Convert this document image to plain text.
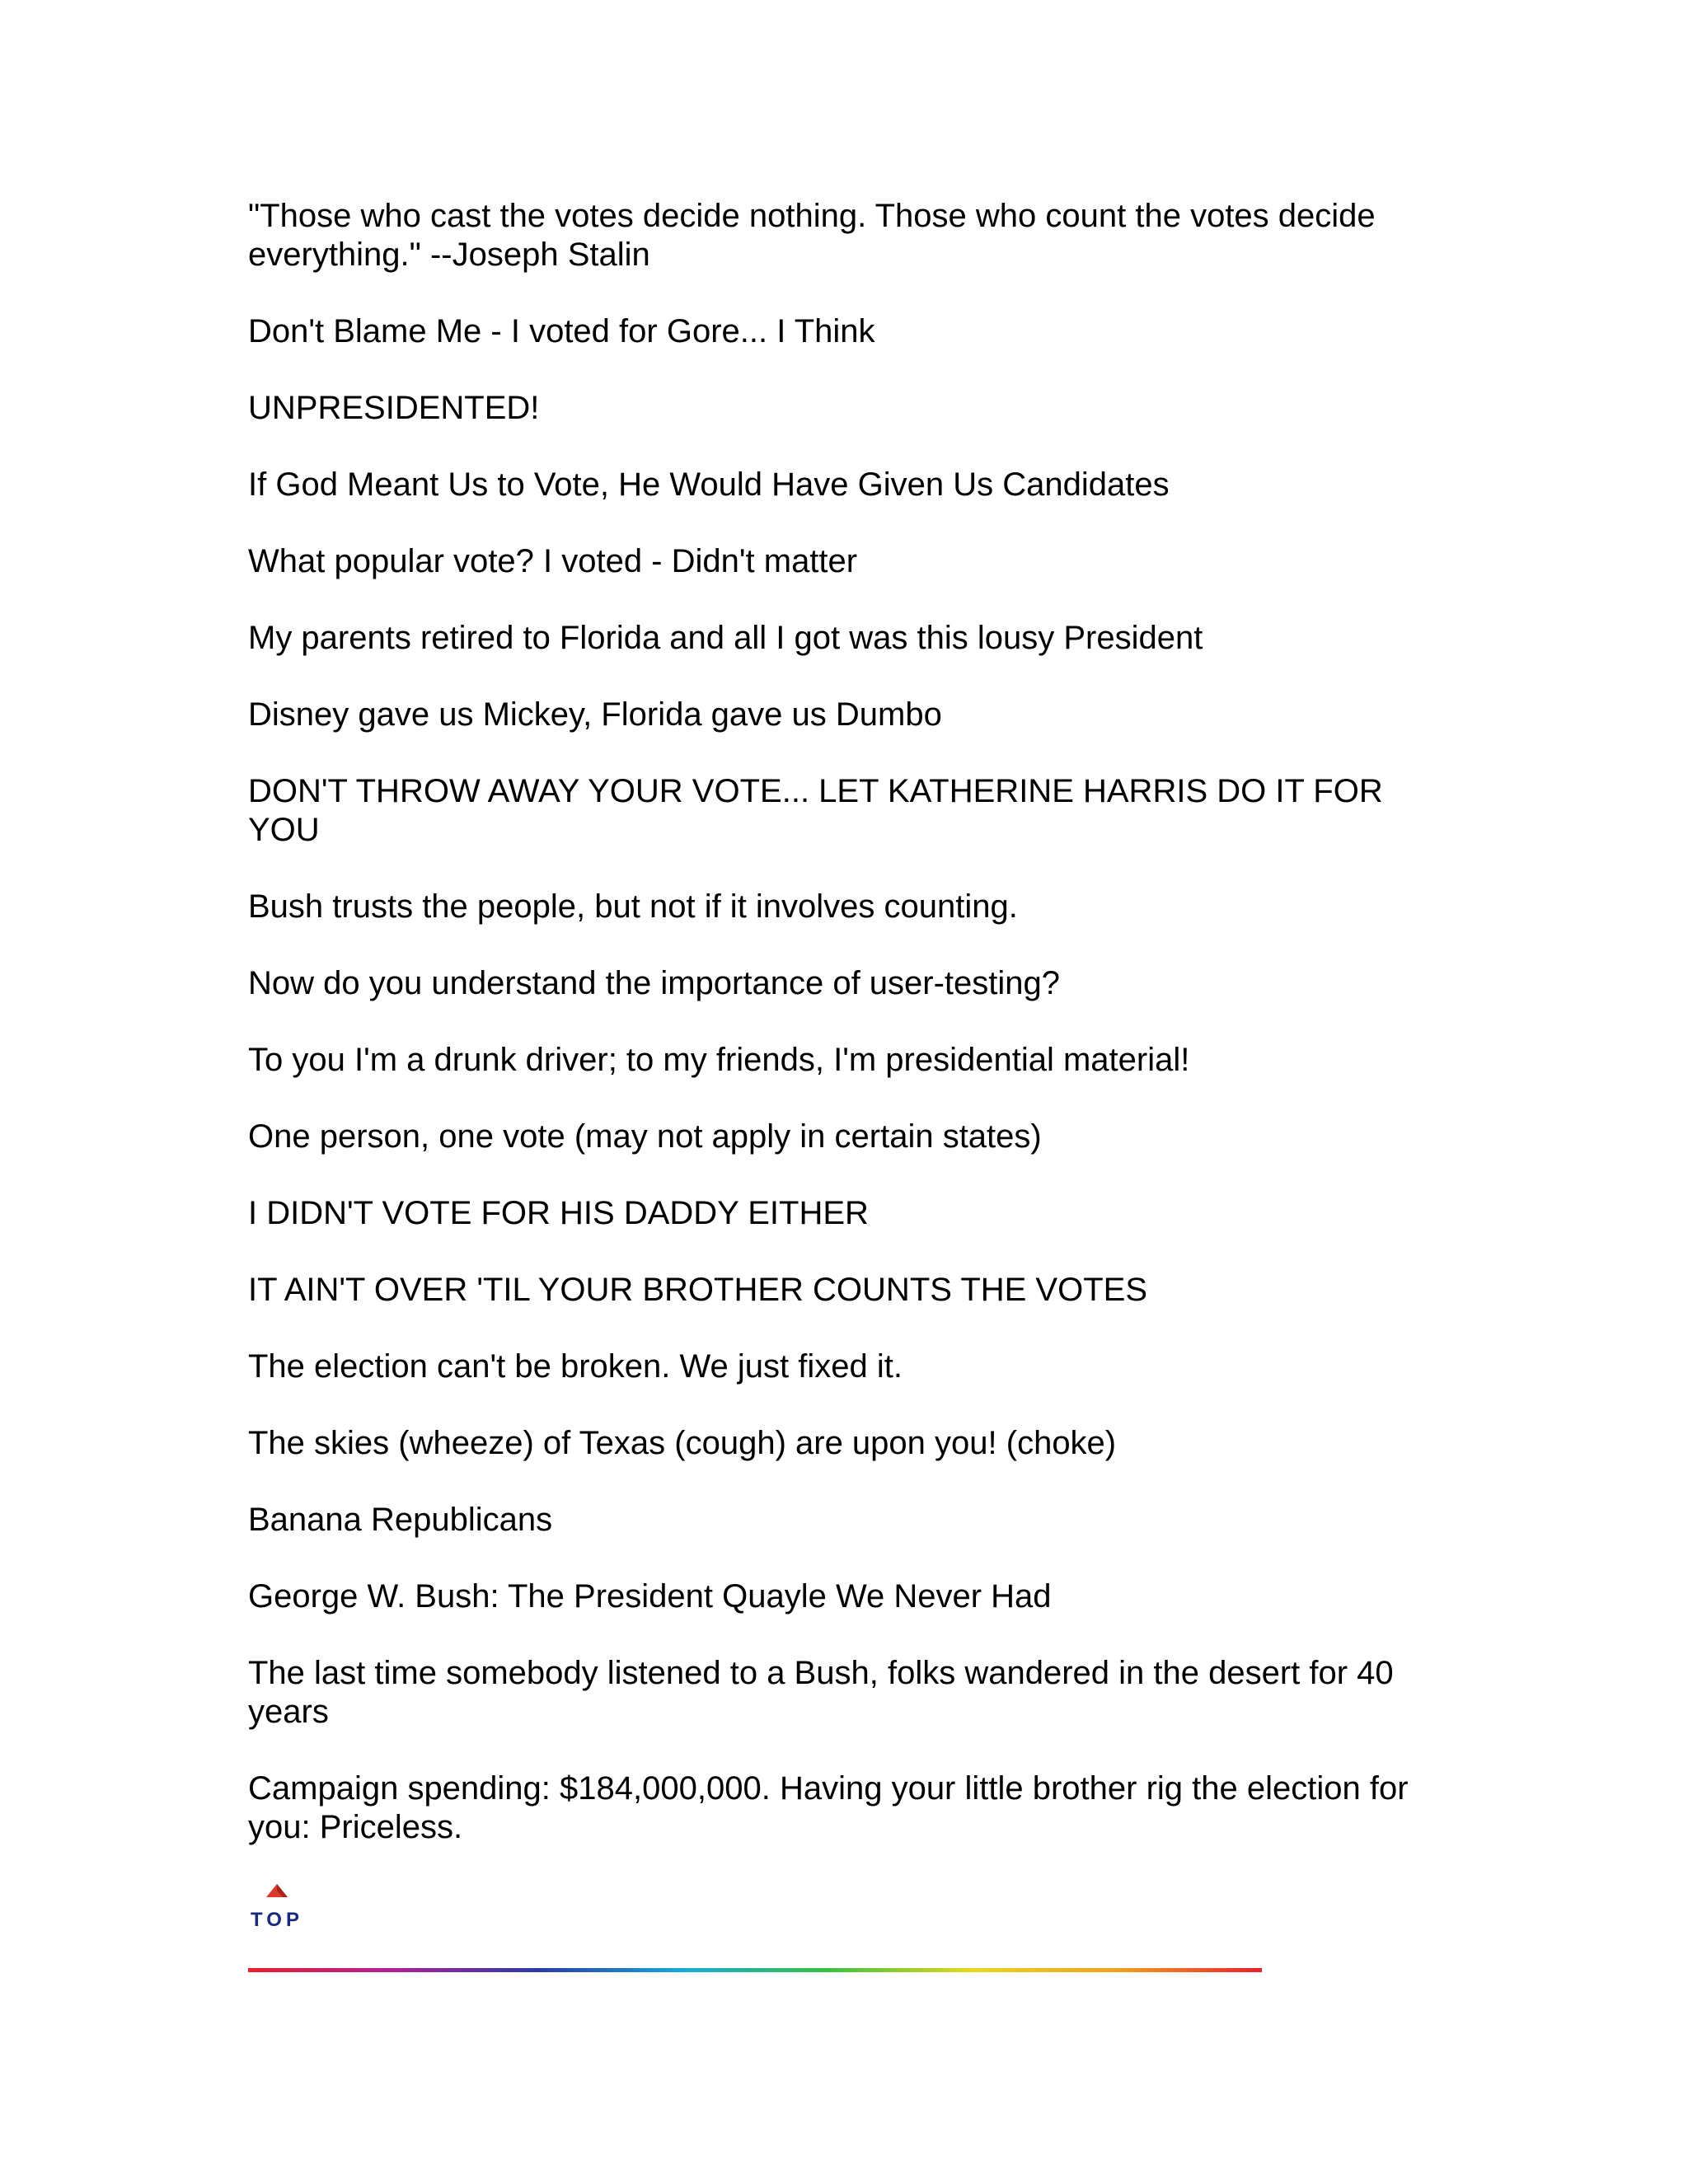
"Those who cast the votes decide nothing. Those who count the votes decide everything." --Joseph Stalin

Don't Blame Me - I voted for Gore... I Think

UNPRESIDENTED!

If God Meant Us to Vote, He Would Have Given Us Candidates

What popular vote? I voted - Didn't matter

My parents retired to Florida and all I got was this lousy President

Disney gave us Mickey, Florida gave us Dumbo

DON'T THROW AWAY YOUR VOTE... LET KATHERINE HARRIS DO IT FOR YOU

Bush trusts the people, but not if it involves counting.

Now do you understand the importance of user-testing?

To you I'm a drunk driver; to my friends, I'm presidential material!

One person, one vote (may not apply in certain states)

I DIDN'T VOTE FOR HIS DADDY EITHER

IT AIN'T OVER 'TIL YOUR BROTHER COUNTS THE VOTES

The election can't be broken. We just fixed it.

The skies (wheeze) of Texas (cough) are upon you! (choke)

Banana Republicans

George W. Bush: The President Quayle We Never Had

The last time somebody listened to a Bush, folks wandered in the desert for 40 years

Campaign spending: $184,000,000. Having your little brother rig the election for you: Priceless.

TOP
